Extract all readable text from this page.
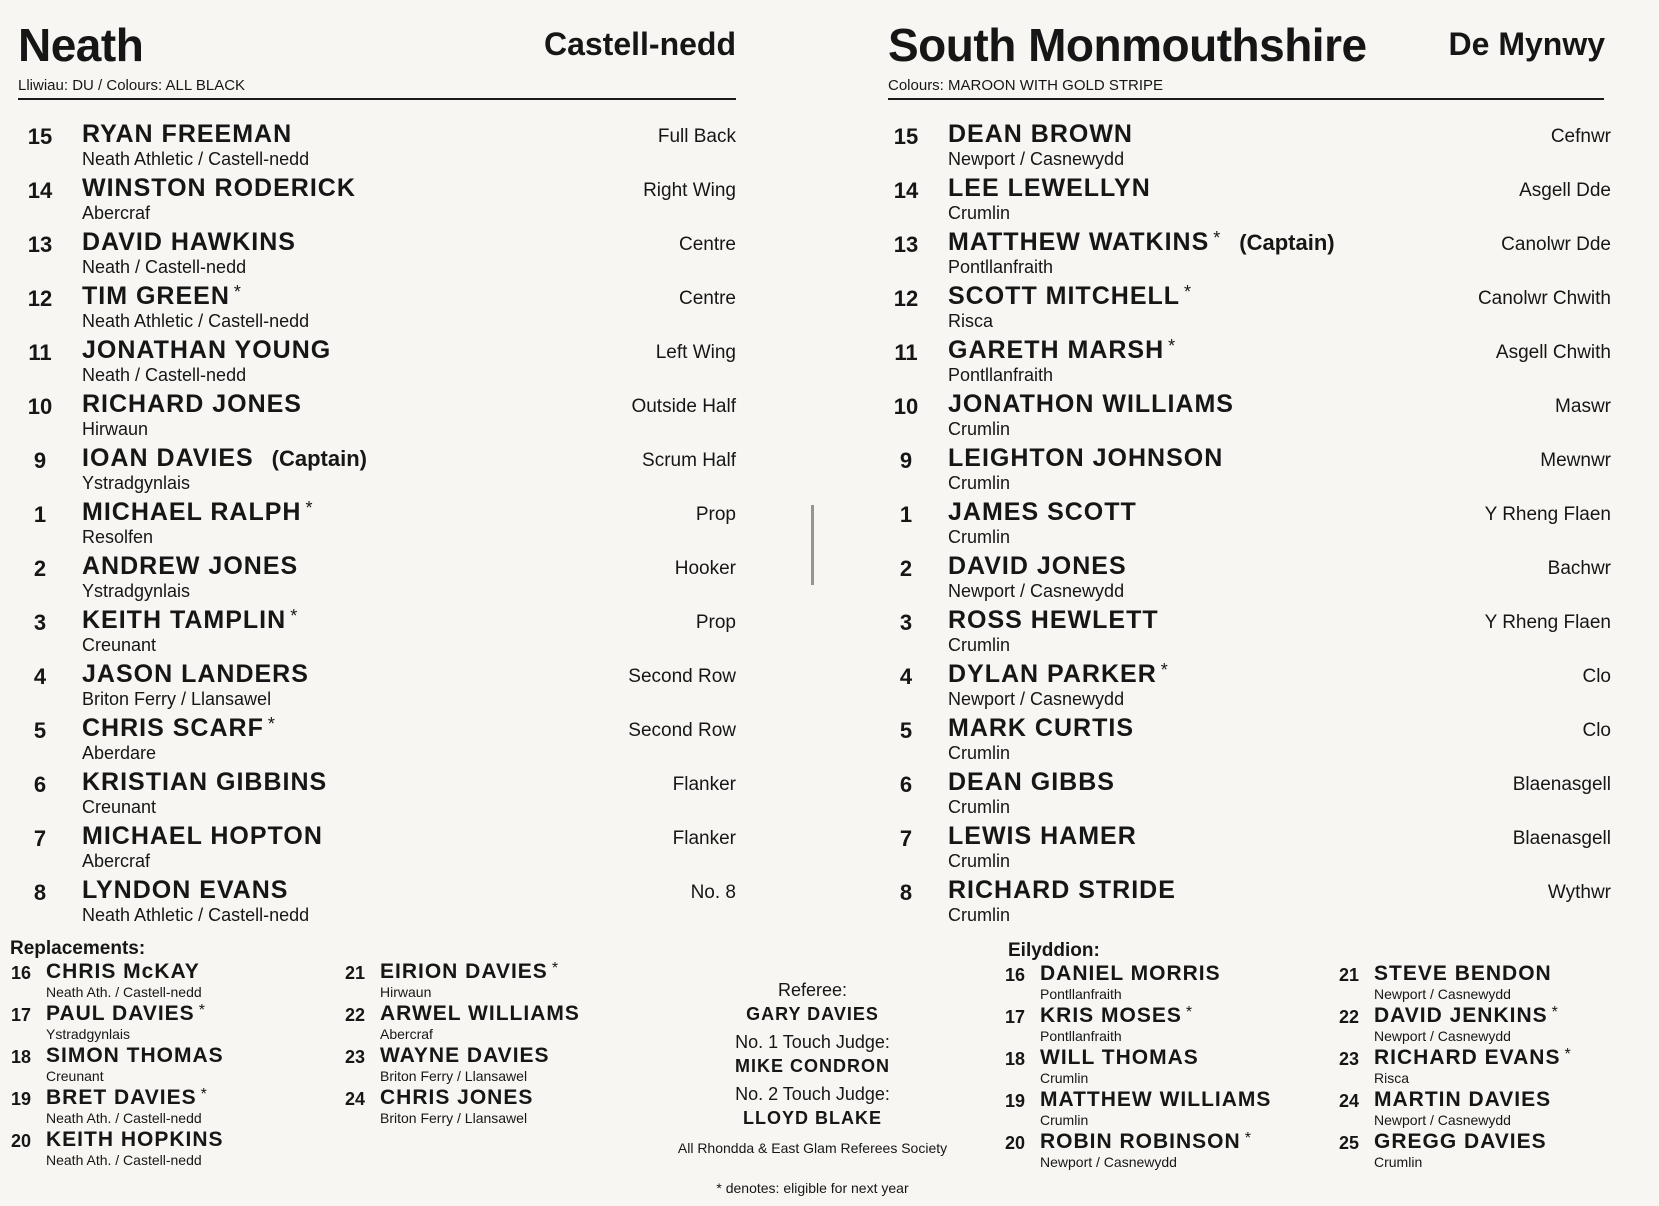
Neath	Castell-nedd
Lliwiau: DU / Colours: ALL BLACK
15	RYAN FREEMAN
Neath Athletic / Castell-nedd
Full Back
14	WINSTON RODERICK
Abercraf
Right Wing
13	DAVID HAWKINS
Neath / Castell-nedd
Centre
12	TIM GREEN *
Neath Athletic / Castell-nedd
Centre
11	JONATHAN YOUNG
Neath / Castell-nedd
Left Wing
10	RICHARD JONES
Hirwaun
Outside Half
9	IOAN DAVIES (Captain)
Ystradgynlais
Scrum Half
1	MICHAEL RALPH *
Resolfen
Prop
2	ANDREW JONES
Ystradgynlais
Hooker
3	KEITH TAMPLIN *
Creunant
Prop
4	JASON LANDERS
Briton Ferry / Llansawel
Second Row
5	CHRIS SCARF *
Aberdare
Second Row
6	KRISTIAN GIBBINS
Creunant
Flanker
7	MICHAEL HOPTON
Abercraf
Flanker
8	LYNDON EVANS
Neath Athletic / Castell-nedd
No. 8
Replacements:
16 CHRIS McKAY
Neath Ath. / Castell-nedd
17 PAUL DAVIES *
Ystradgynlais
18 SIMON THOMAS
Creunant
19 BRET DAVIES *
Neath Ath. / Castell-nedd
20 KEITH HOPKINS
Neath Ath. / Castell-nedd
21 EIRION DAVIES *
Hirwaun
22 ARWEL WILLIAMS
Abercraf
23 WAYNE DAVIES
Briton Ferry / Llansawel
24 CHRIS JONES
Briton Ferry / Llansawel
South Monmouthshire	De Mynwy
Colours: MAROON WITH GOLD STRIPE
15	DEAN BROWN
Newport / Casnewydd
Cefnwr
14	LEE LEWELLYN
Crumlin
Asgell Dde
13	MATTHEW WATKINS * (Captain)
Pontllanfraith
Canolwr Dde
12	SCOTT MITCHELL *
Risca
Canolwr Chwith
11	GARETH MARSH *
Pontllanfraith
Asgell Chwith
10	JONATHON WILLIAMS
Crumlin
Maswr
9	LEIGHTON JOHNSON
Crumlin
Mewnwr
1	JAMES SCOTT
Crumlin
Y Rheng Flaen
2	DAVID JONES
Newport / Casnewydd
Bachwr
3	ROSS HEWLETT
Crumlin
Y Rheng Flaen
4	DYLAN PARKER *
Newport / Casnewydd
Clo
5	MARK CURTIS
Crumlin
Clo
6	DEAN GIBBS
Crumlin
Blaenasgell
7	LEWIS HAMER
Crumlin
Blaenasgell
8	RICHARD STRIDE
Crumlin
Wythwr
Eilyddion:
16 DANIEL MORRIS
Pontllanfraith
17 KRIS MOSES *
Pontllanfraith
18 WILL THOMAS
Crumlin
19 MATTHEW WILLIAMS
Crumlin
20 ROBIN ROBINSON *
Newport / Casnewydd
21 STEVE BENDON
Newport / Casnewydd
22 DAVID JENKINS *
Newport / Casnewydd
23 RICHARD EVANS *
Risca
24 MARTIN DAVIES
Newport / Casnewydd
25 GREGG DAVIES
Crumlin

Referee:

GARY DAVIES

No. 1 Touch Judge:

MIKE CONDRON

No. 2 Touch Judge:

LLOYD BLAKE

All Rhondda & East Glam Referees Society
* denotes: eligible for next year
